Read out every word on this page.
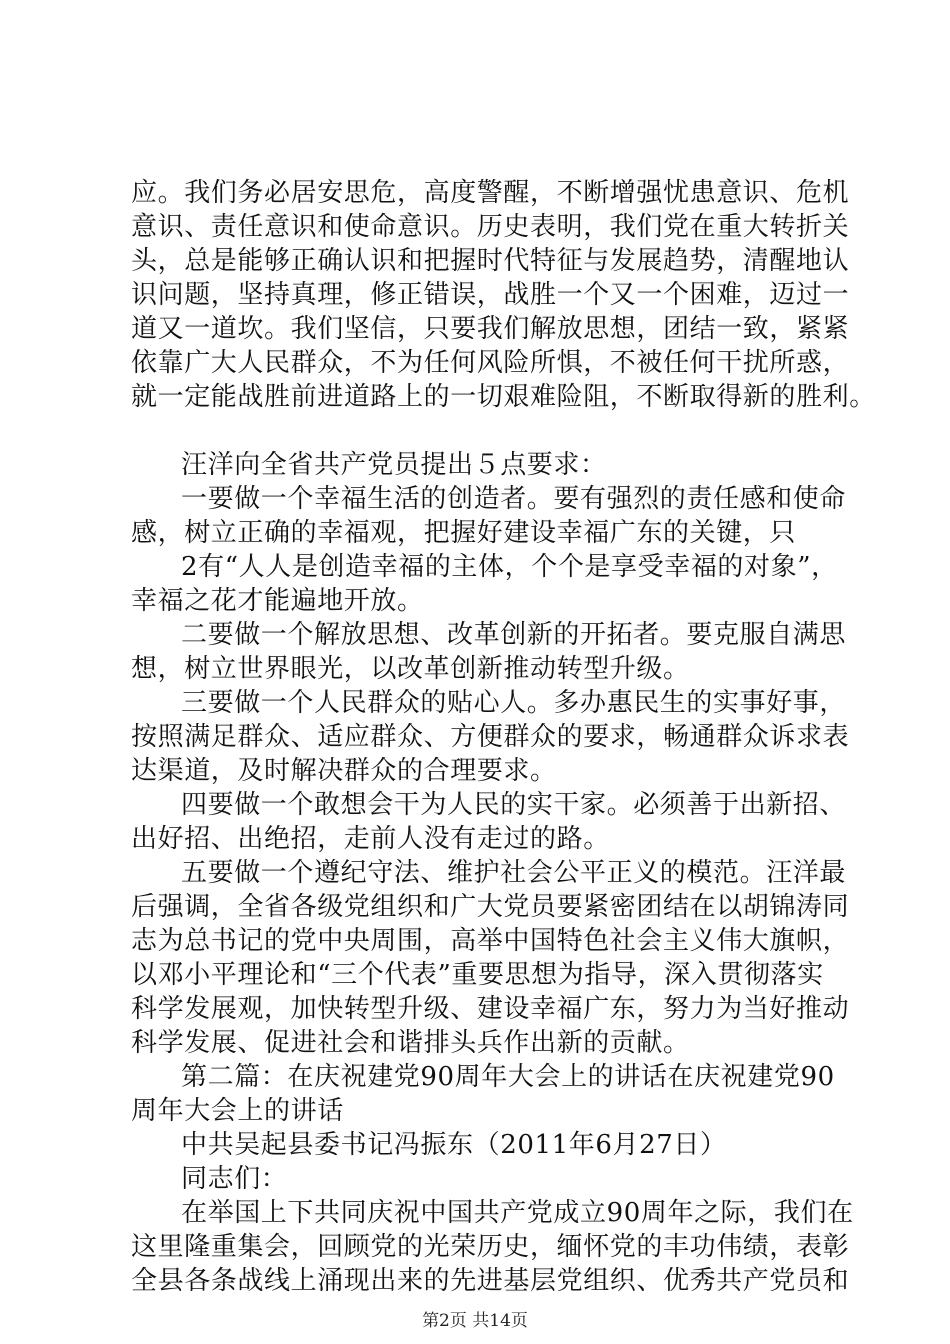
应。我们务必居安思危，高度警醒，不断增强忧患意识、危机
意识、责任意识和使命意识。历史表明，我们党在重大转折关
头，总是能够正确认识和把握时代特征与发展趋势，清醒地认
识问题，坚持真理，修正错误，战胜一个又一个困难，迈过一
道又一道坎。我们坚信，只要我们解放思想，团结一致，紧紧
依靠广大人民群众，不为任何风险所惧，不被任何干扰所惑，
就一定能战胜前进道路上的一切艰难险阻，不断取得新的胜利。
汪洋向全省共产党员提出５点要求：
一要做一个幸福生活的创造者。要有强烈的责任感和使命
感，树立正确的幸福观，把握好建设幸福广东的关键，只
2有“人人是创造幸福的主体，个个是享受幸福的对象”，
幸福之花才能遍地开放。
二要做一个解放思想、改革创新的开拓者。要克服自满思
想，树立世界眼光，以改革创新推动转型升级。
三要做一个人民群众的贴心人。多办惠民生的实事好事，
按照满足群众、适应群众、方便群众的要求，畅通群众诉求表
达渠道，及时解决群众的合理要求。
四要做一个敢想会干为人民的实干家。必须善于出新招、
出好招、出绝招，走前人没有走过的路。
五要做一个遵纪守法、维护社会公平正义的模范。汪洋最
后强调，全省各级党组织和广大党员要紧密团结在以胡锦涛同
志为总书记的党中央周围，高举中国特色社会主义伟大旗帜，
以邓小平理论和“三个代表”重要思想为指导，深入贯彻落实
科学发展观，加快转型升级、建设幸福广东，努力为当好推动
科学发展、促进社会和谐排头兵作出新的贡献。
第二篇：在庆祝建党90周年大会上的讲话在庆祝建党90
周年大会上的讲话
中共吴起县委书记冯振东（2011年6月27日）
同志们：
在举国上下共同庆祝中国共产党成立90周年之际，我们在
这里隆重集会，回顾党的光荣历史，缅怀党的丰功伟绩，表彰
全县各条战线上涌现出来的先进基层党组织、优秀共产党员和
第2页 共14页
